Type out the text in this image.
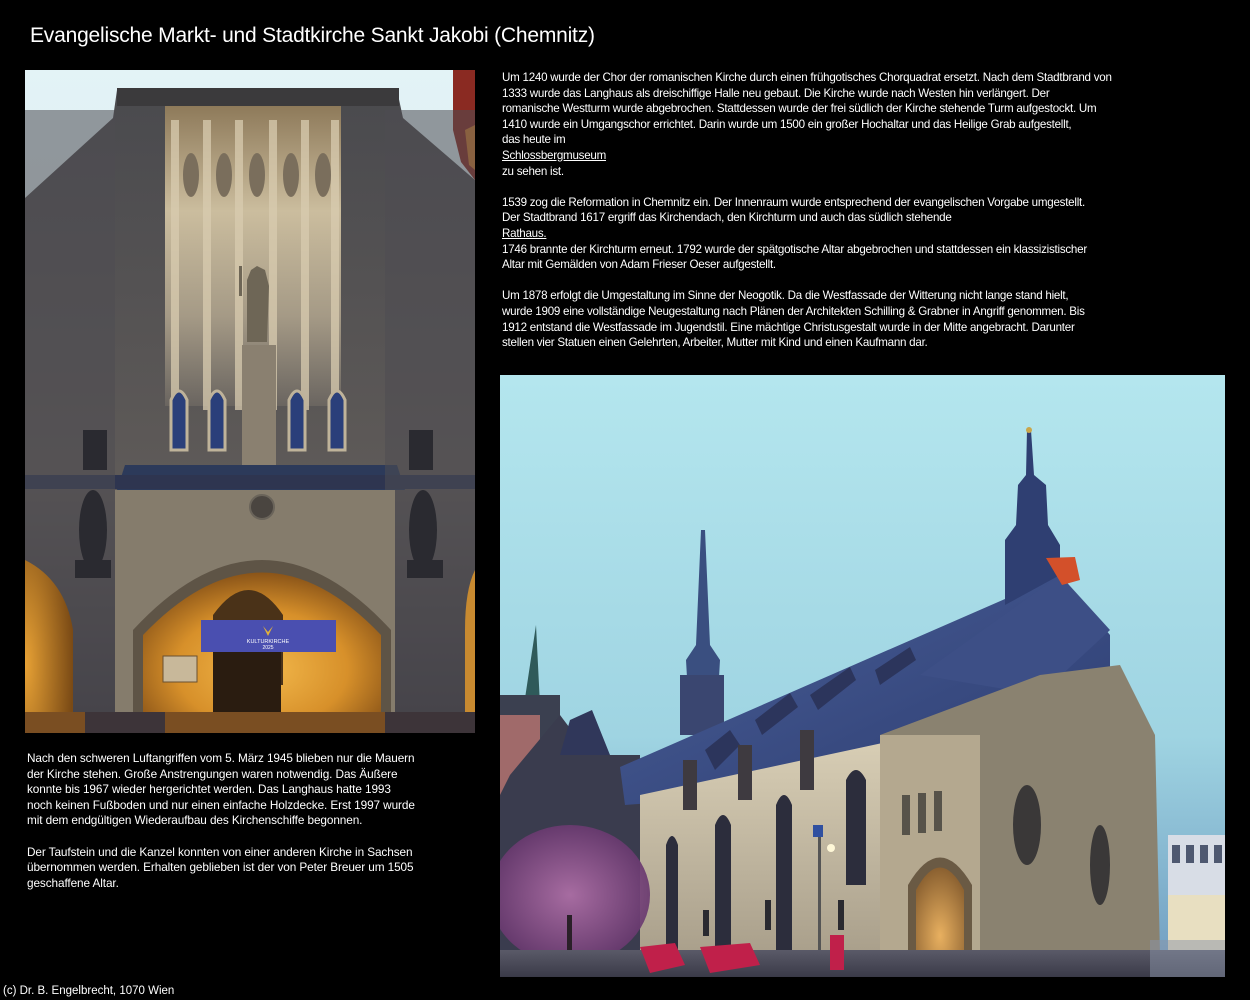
Evangelische Markt- und Stadtkirche Sankt Jakobi (Chemnitz)
KULTURKIRCHE
2025

Um 1240 wurde der Chor der romanischen Kirche durch einen frühgotisches Chorquadrat ersetzt. Nach dem Stadtbrand von
1333 wurde das Langhaus als dreischiffige Halle neu gebaut. Die Kirche wurde nach Westen hin verlängert. Der
romanische Westturm wurde abgebrochen. Stattdessen wurde der frei südlich der Kirche stehende Turm aufgestockt. Um
1410 wurde ein Umgangschor errichtet. Darin wurde um 1500 ein großer Hochaltar und das Heilige Grab aufgestellt,
das heute im
Schlossbergmuseum
zu sehen ist.

1539 zog die Reformation in Chemnitz ein. Der Innenraum wurde entsprechend der evangelischen Vorgabe umgestellt.
Der Stadtbrand 1617 ergriff das Kirchendach, den Kirchturm und auch das südlich stehende
Rathaus.
1746 brannte der Kirchturm erneut. 1792 wurde der spätgotische Altar abgebrochen und stattdessen ein klassizistischer
Altar mit Gemälden von Adam Frieser Oeser aufgestellt.

Um 1878 erfolgt die Umgestaltung im Sinne der Neogotik. Da die Westfassade der Witterung nicht lange stand hielt,
wurde 1909 eine vollständige Neugestaltung nach Plänen der Architekten Schilling & Grabner in Angriff genommen. Bis
1912 entstand die Westfassade im Jugendstil. Eine mächtige Christusgestalt wurde in der Mitte angebracht. Darunter
stellen vier Statuen einen Gelehrten, Arbeiter, Mutter mit Kind und einen Kaufmann dar.

Nach den schweren Luftangriffen vom 5. März 1945 blieben nur die Mauern
der Kirche stehen. Große Anstrengungen waren notwendig. Das Äußere
konnte bis 1967 wieder hergerichtet werden. Das Langhaus hatte 1993
noch keinen Fußboden und nur einen einfache Holzdecke. Erst 1997 wurde
mit dem endgültigen Wiederaufbau des Kirchenschiffe begonnen.

Der Taufstein und die Kanzel konnten von einer anderen Kirche in Sachsen
übernommen werden. Erhalten geblieben ist der von Peter Breuer um 1505
geschaffene Altar.

(c) Dr. B. Engelbrecht, 1070 Wien
